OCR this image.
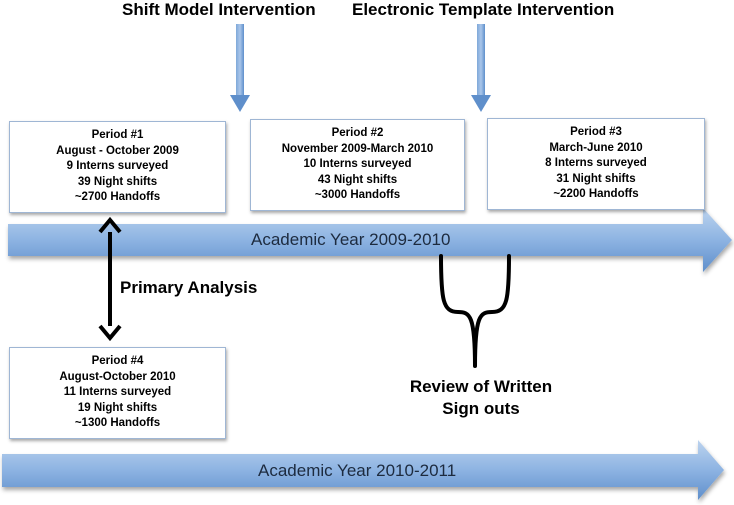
Shift Model Intervention Electronic Template Intervention
Period #1
August - October 2009
9 Interns surveyed
39 Night shifts
~2700 Handoffs
Period #2
November 2009-March 2010
10 Interns surveyed
43 Night shifts
~3000 Handoffs
Period #3
March-June 2010
8 Interns surveyed
31 Night shifts
~2200 Handoffs
Period #4
August-October 2010
11 Interns surveyed
19 Night shifts
~1300 Handoffs
Academic Year 2009-2010
Academic Year 2010-2011
Primary Analysis
Review of Written
Sign outs
